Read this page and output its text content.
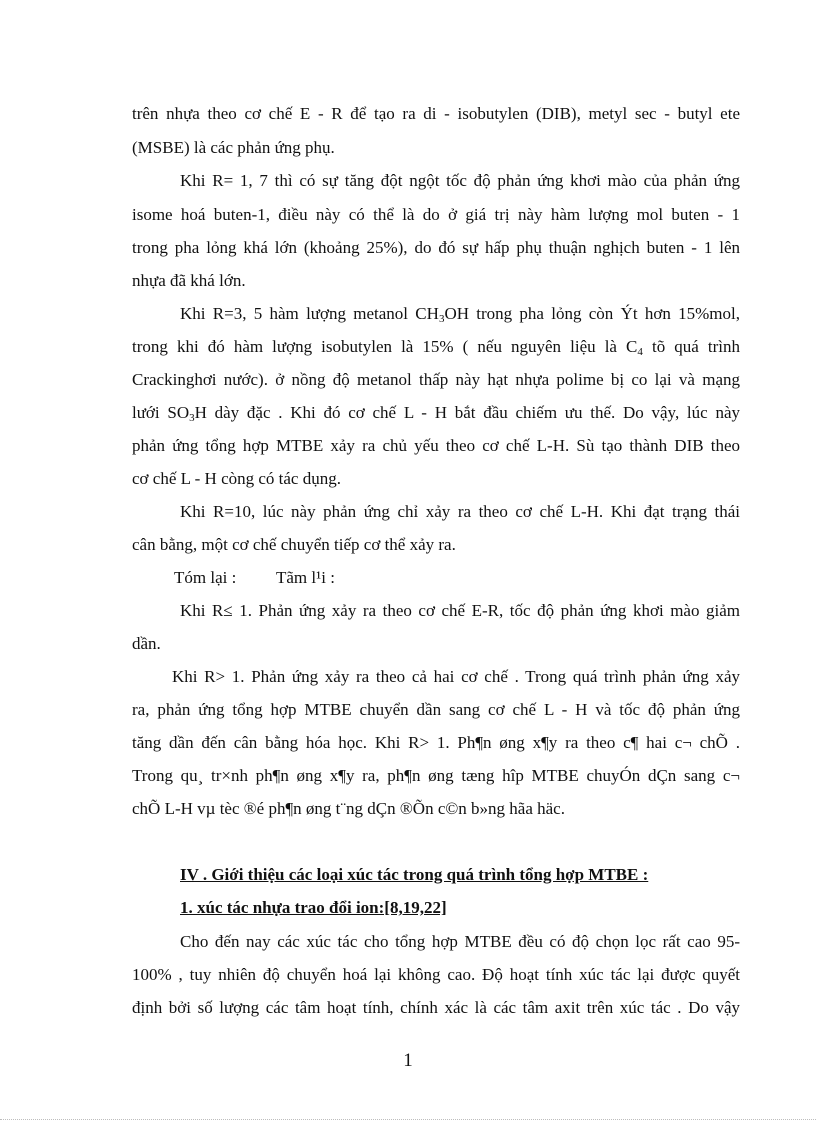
trên nhựa theo cơ chế E - R để tạo ra di - isobutylen (DIB), metyl sec - butyl ete
(MSBE) là các phản ứng phụ.
Khi R= 1, 7 thì có sự tăng đột ngột tốc độ phản ứng khơi mào của phản ứng
isome hoá buten-1, điều này có thể là do ở giá trị này hàm lượng mol buten - 1
trong pha lỏng khá lớn (khoảng 25%), do đó sự hấp phụ thuận nghịch buten - 1 lên
nhựa đã khá lớn.
Khi R=3, 5 hàm lượng metanol $CH_3OH$ trong pha lỏng còn Ýt hơn 15%mol,
trong khi đó hàm lượng isobutylen là 15% ( nếu nguyên liệu là $C_4$ tõ quá trình
Crackinghơi nước). ở nồng độ metanol thấp này hạt nhựa polime bị co lại và mạng
lưới $SO_3H$ dày đặc . Khi đó cơ chế L - H bắt đầu chiếm ưu thế. Do vậy, lúc này
phản ứng tổng hợp MTBE xảy ra chủ yếu theo cơ chế L-H. Sù tạo thành DIB theo
cơ chế L - H còng có tác dụng.
Khi R=10, lúc này phản ứng chỉ xảy ra theo cơ chế L-H. Khi đạt trạng thái
cân bằng, một cơ chế chuyển tiếp cơ thể xảy ra.
Tóm lại :	Tãm l¹i :
Khi R≤ 1. Phản ứng xảy ra theo cơ chế E-R, tốc độ phản ứng khơi mào giảm
dần.
Khi R> 1. Phản ứng xảy ra theo cả hai cơ chế . Trong quá trình phản ứng xảy
ra, phản ứng tổng hợp MTBE chuyển dần sang cơ chế L - H và tốc độ phản ứng
tăng dần đến cân bằng hóa học. Khi R> 1. Ph¶n øng x¶y ra theo c¶ hai c¬ chÕ .
Trong qu¸ tr×nh ph¶n øng x¶y ra, ph¶n øng tæng hîp MTBE chuyÓn dÇn sang c¬
chÕ L-H vµ tèc ®é ph¶n øng t¨ng dÇn ®Õn c©n b»ng hãa häc.
IV . Giới thiệu các loại xúc tác trong quá trình tổng hợp MTBE :
1. xúc tác nhựa trao đổi ion:[8,19,22]
Cho đến nay các xúc tác cho tổng hợp MTBE đều có độ chọn lọc rất cao 95-
100% , tuy nhiên độ chuyển hoá lại không cao. Độ hoạt tính xúc tác lại được quyết
định bởi số lượng các tâm hoạt tính, chính xác là các tâm axit trên xúc tác . Do vậy
1
